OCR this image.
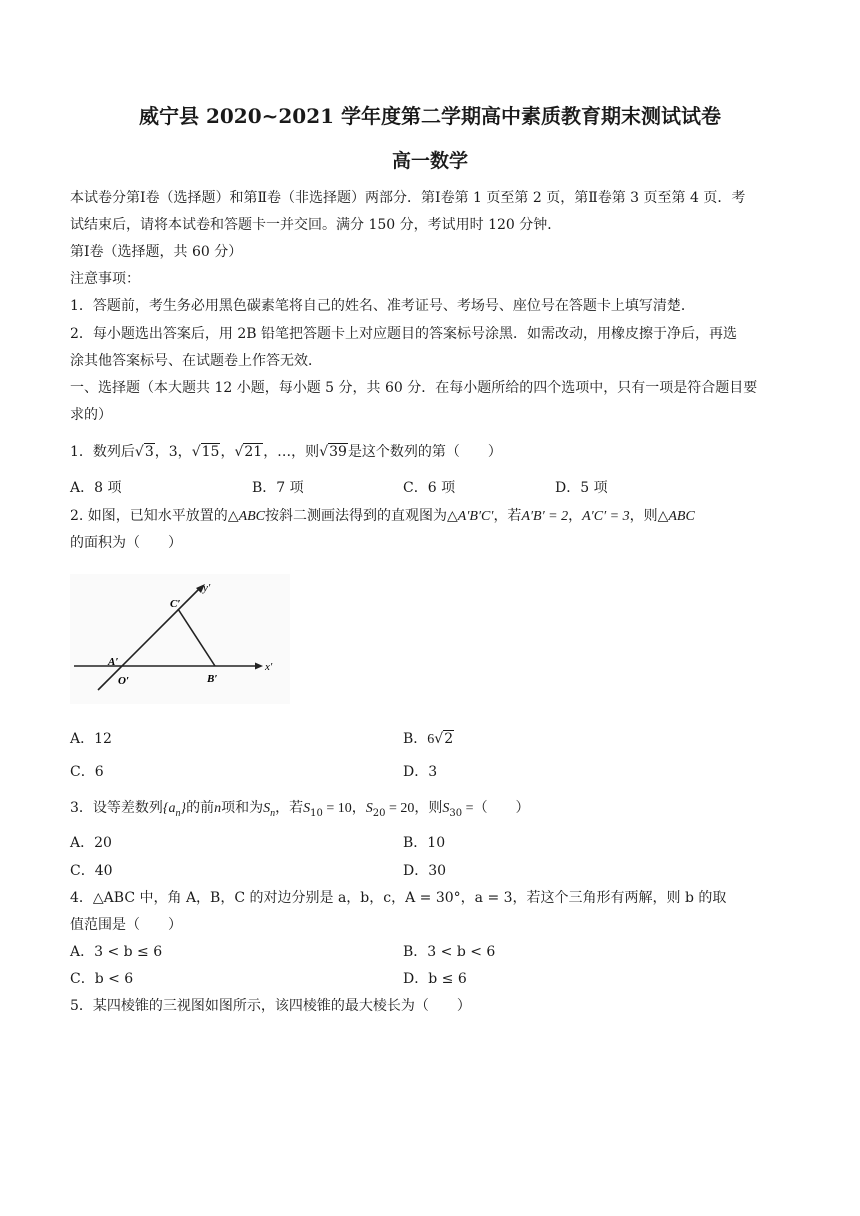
威宁县 2020~2021 学年度第二学期高中素质教育期末测试试卷
高一数学
本试卷分第Ⅰ卷（选择题）和第Ⅱ卷（非选择题）两部分．第Ⅰ卷第 1 页至第 2 页，第Ⅱ卷第 3 页至第 4 页．考
试结束后，请将本试卷和答题卡一并交回。满分 150 分，考试用时 120 分钟．
第Ⅰ卷（选择题，共 60 分）
注意事项：
1．答题前，考生务必用黑色碳素笔将自己的姓名、准考证号、考场号、座位号在答题卡上填写清楚．
2．每小题选出答案后，用 2B 铅笔把答题卡上对应题目的答案标号涂黑．如需改动，用橡皮擦于净后，再选
涂其他答案标号、在试题卷上作答无效．
一、选择题（本大题共 12 小题，每小题 5 分，共 60 分．在每小题所给的四个选项中，只有一项是符合题目要
求的）
1．数列后√3，3，√15，√21，…，则√39是这个数列的第（　　）
A．8 项	B．7 项	C．6 项	D．5 项
2. 如图，已知水平放置的△ABC按斜二测画法得到的直观图为△A′B′C′，若A′B′ = 2，A′C′ = 3，则△ABC
的面积为（　　）
C′
y′
A′
O′	B′
x′
A．12	B．6√2
C．6	D．3
3．设等差数列$\{a_n\}$的前n项和为$S_n$，若$S_{10} = 10$，$S_{20} = 20$，则$S_{30}$ =（　　）
A．20	B．10
C．40	D．30
4．△ABC 中，角 A，B，C 的对边分别是 a，b，c，A = 30°，a = 3，若这个三角形有两解，则 b 的取
值范围是（　　）
A．3 < b ≤ 6	B．3 < b < 6
C．b < 6	D．b ≤ 6
5．某四棱锥的三视图如图所示，该四棱锥的最大棱长为（　　）
